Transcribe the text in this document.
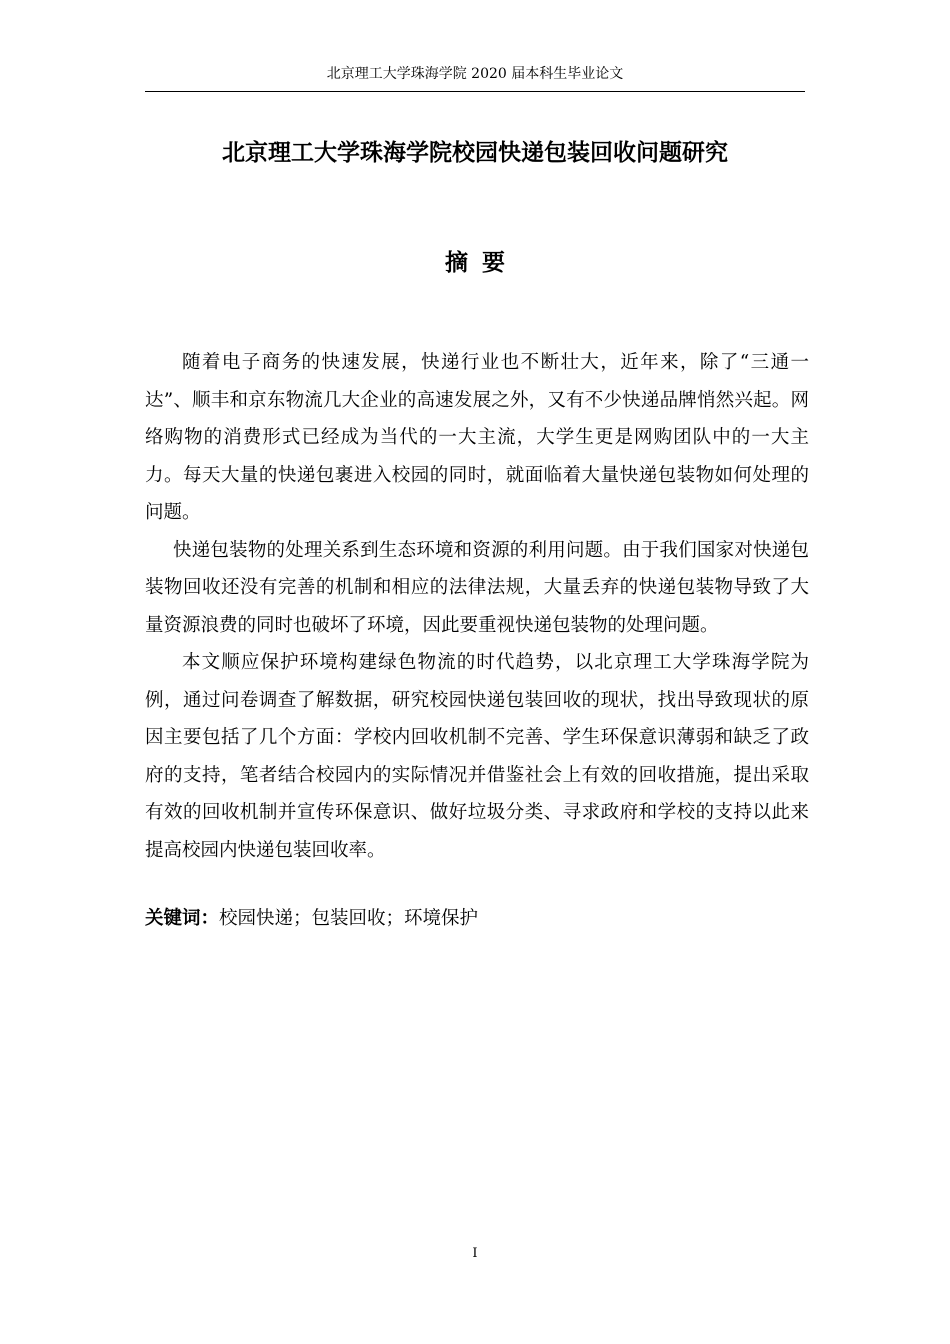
北京理工大学珠海学院 2020 届本科生毕业论文
北京理工大学珠海学院校园快递包装回收问题研究
摘要

随着电子商务的快速发展，快递行业也不断壮大，近年来，除了“三通一达”、顺丰和京东物流几大企业的高速发展之外，又有不少快递品牌悄然兴起。网络购物的消费形式已经成为当代的一大主流，大学生更是网购团队中的一大主力。每天大量的快递包裹进入校园的同时，就面临着大量快递包装物如何处理的问题。

快递包装物的处理关系到生态环境和资源的利用问题。由于我们国家对快递包装物回收还没有完善的机制和相应的法律法规，大量丢弃的快递包装物导致了大量资源浪费的同时也破坏了环境，因此要重视快递包装物的处理问题。

本文顺应保护环境构建绿色物流的时代趋势，以北京理工大学珠海学院为例，通过问卷调查了解数据，研究校园快递包装回收的现状，找出导致现状的原因主要包括了几个方面：学校内回收机制不完善、学生环保意识薄弱和缺乏了政府的支持，笔者结合校园内的实际情况并借鉴社会上有效的回收措施，提出采取有效的回收机制并宣传环保意识、做好垃圾分类、寻求政府和学校的支持以此来提高校园内快递包装回收率。

关键词：校园快递；包装回收；环境保护
I
